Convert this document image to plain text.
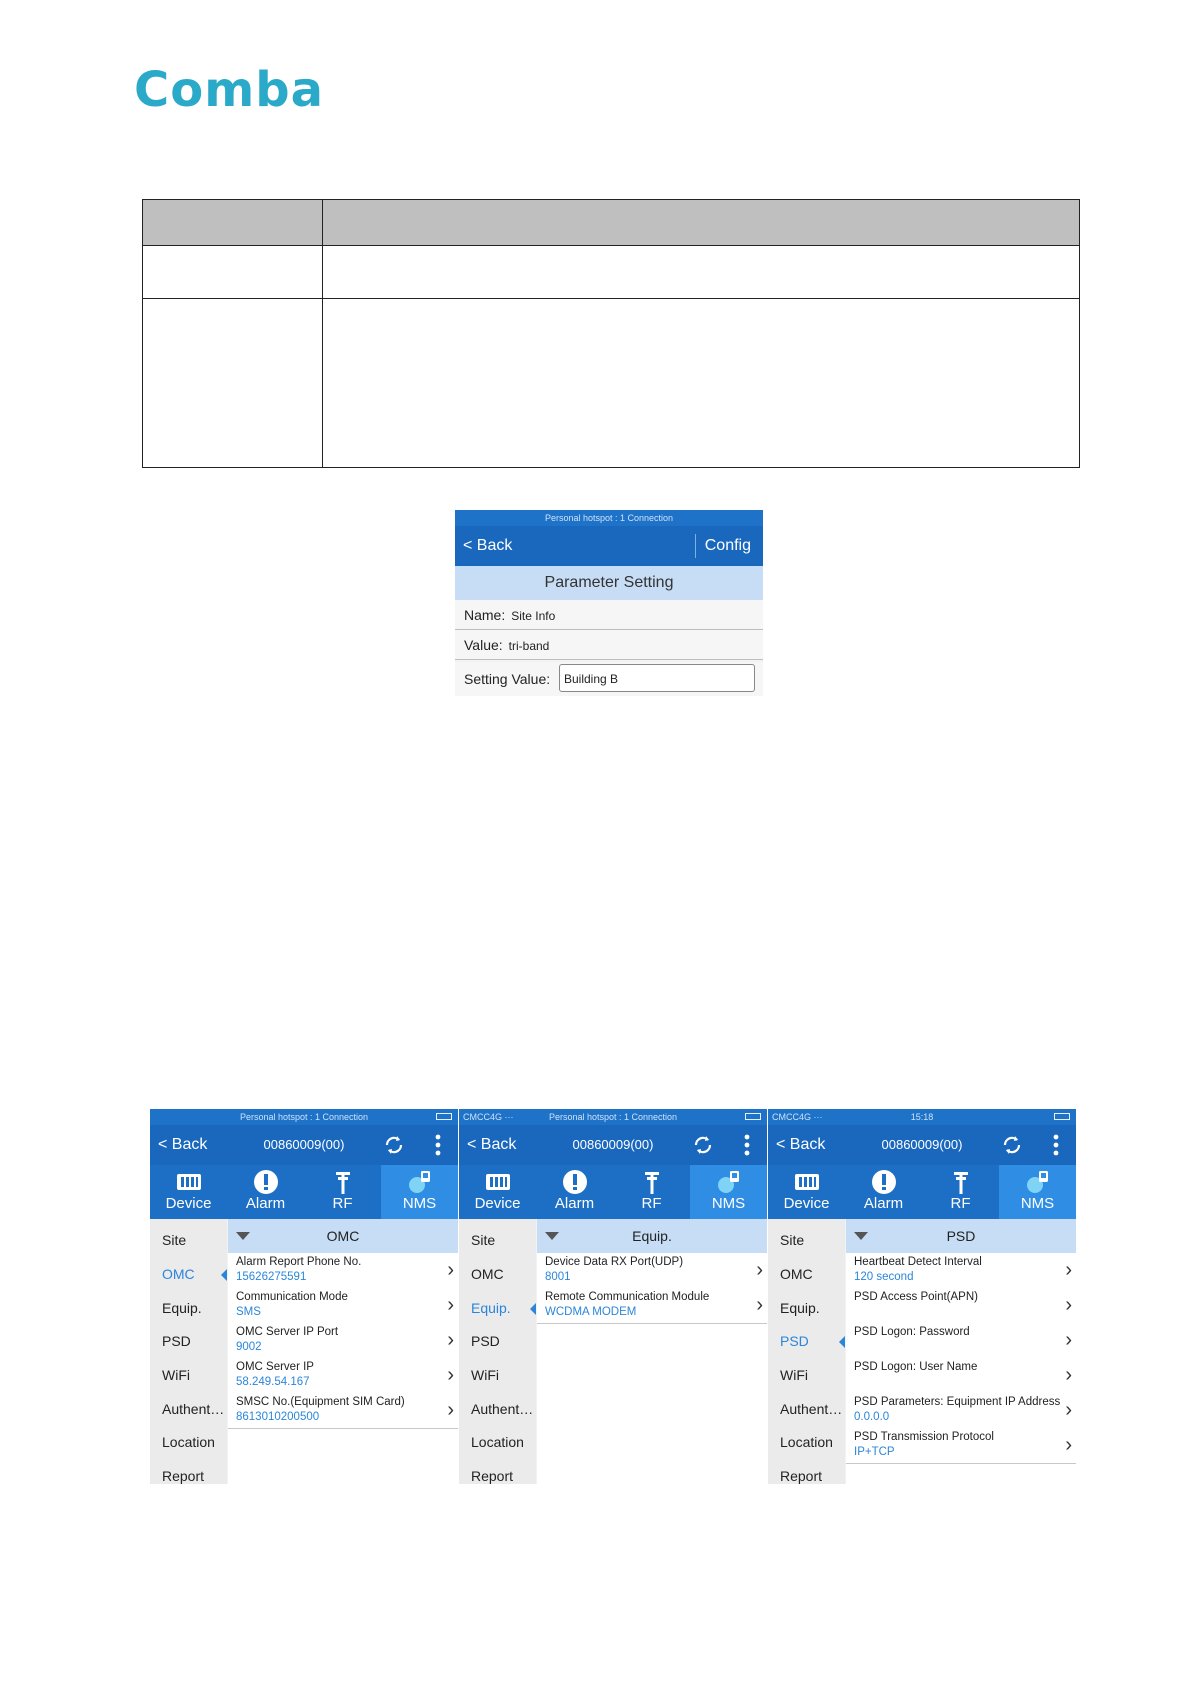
Comba
Personal hotspot : 1 Connection
< Back	Config
Parameter Setting
Name: Site Info
Value: tri-band
Setting Value:	Building B
Personal hotspot : 1 Connection
< Back	00860009(00)
Device	Alarm	RF	NMS
Site
OMC
Equip.
PSD
WiFi
Authent…
Location
Report
OMC
Alarm Report Phone No.
15626275591	›
Communication Mode
SMS	›
OMC Server IP Port
9002	›
OMC Server IP
58.249.54.167	›
SMSC No.(Equipment SIM Card)
8613010200500	›
CMCC4G ···	Personal hotspot : 1 Connection
< Back	00860009(00)
Device	Alarm	RF	NMS
Site
OMC
Equip.
PSD
WiFi
Authent…
Location
Report
Equip.
Device Data RX Port(UDP)
8001	›
Remote Communication Module
WCDMA MODEM	›
CMCC4G ···	15:18
< Back	00860009(00)
Device	Alarm	RF	NMS
Site
OMC
Equip.
PSD
WiFi
Authent…
Location
Report
PSD
Heartbeat Detect Interval
120 second	›
PSD Access Point(APN)	›
PSD Logon: Password	›
PSD Logon: User Name	›
PSD Parameters: Equipment IP Address
0.0.0.0	›
PSD Transmission Protocol
IP+TCP	›
